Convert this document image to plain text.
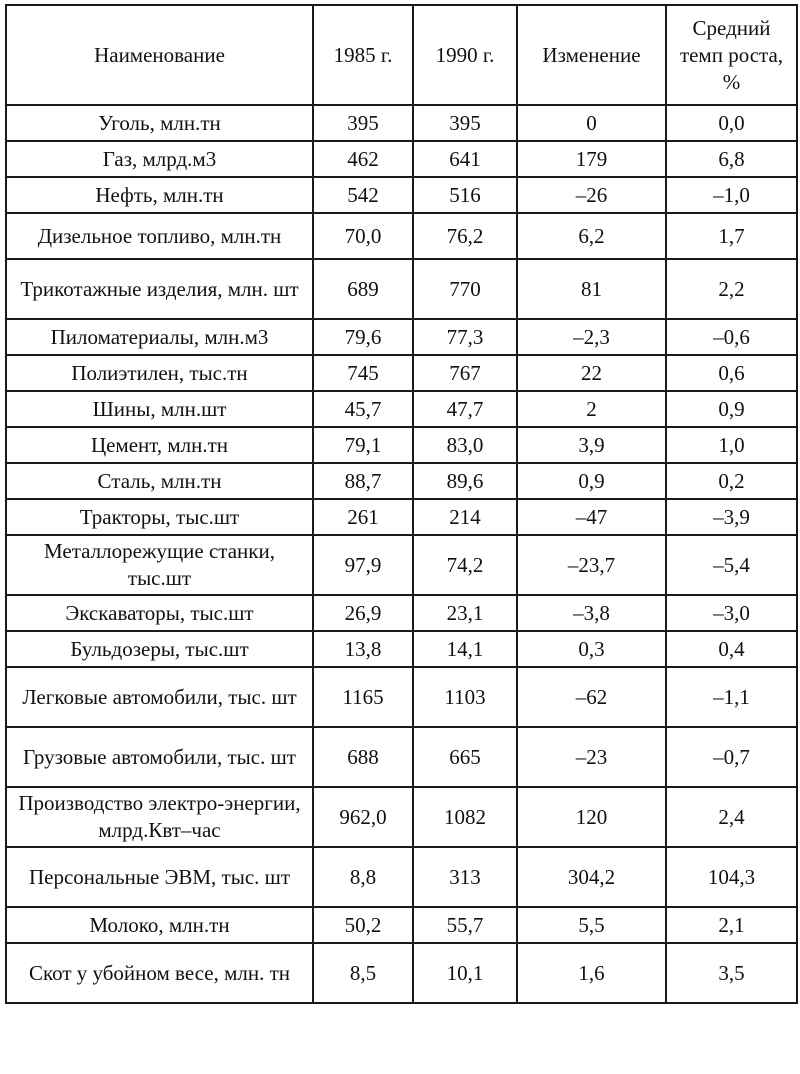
Наименование	1985 г.	1990 г.	Изменение	Средний темп роста, %
Уголь, млн.тн	395	395	0	0,0
Газ, млрд.м3	462	641	179	6,8
Нефть, млн.тн	542	516	–26	–1,0
Дизельное топливо, млн.тн	70,0	76,2	6,2	1,7
Трикотажные изделия, млн. шт	689	770	81	2,2
Пиломатериалы, млн.м3	79,6	77,3	–2,3	–0,6
Полиэтилен, тыс.тн	745	767	22	0,6
Шины, млн.шт	45,7	47,7	2	0,9
Цемент, млн.тн	79,1	83,0	3,9	1,0
Сталь, млн.тн	88,7	89,6	0,9	0,2
Тракторы, тыс.шт	261	214	–47	–3,9
Металлорежущие станки, тыс.шт	97,9	74,2	–23,7	–5,4
Экскаваторы, тыс.шт	26,9	23,1	–3,8	–3,0
Бульдозеры, тыс.шт	13,8	14,1	0,3	0,4
Легковые автомобили, тыс. шт	1165	1103	–62	–1,1
Грузовые автомобили, тыс. шт	688	665	–23	–0,7
Производство электро-энергии, млрд.Квт–час	962,0	1082	120	2,4
Персональные ЭВМ, тыс. шт	8,8	313	304,2	104,3
Молоко, млн.тн	50,2	55,7	5,5	2,1
Скот у убойном весе, млн. тн	8,5	10,1	1,6	3,5
